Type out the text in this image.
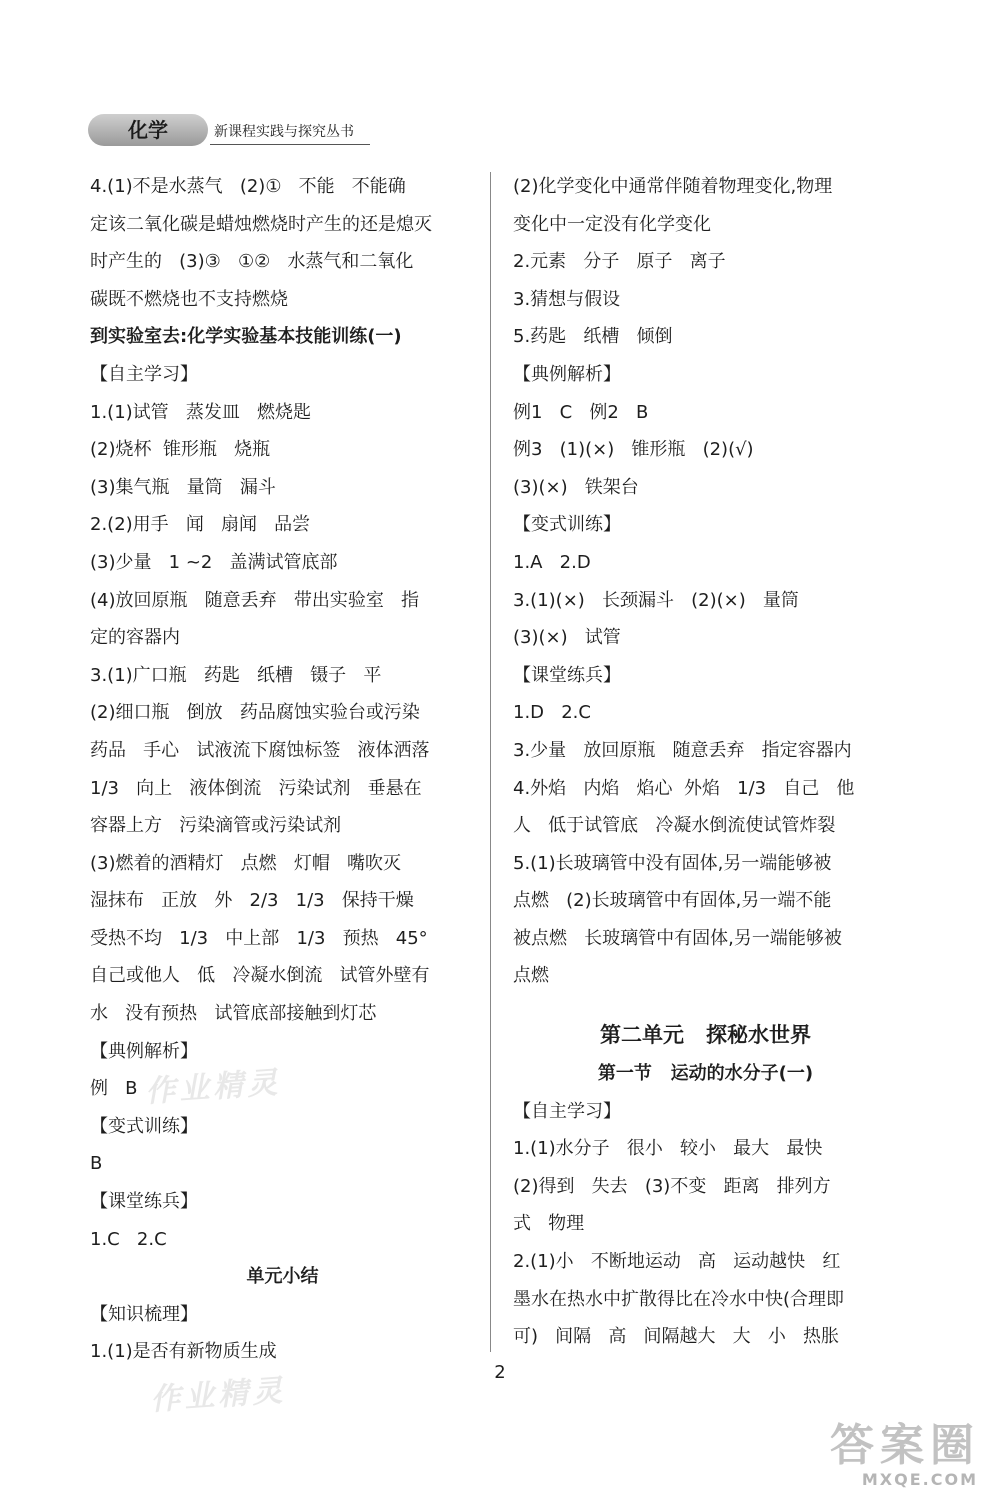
化学	新课程实践与探究丛书
4.(1)不是水蒸气   (2)①   不能   不能确
定该二氧化碳是蜡烛燃烧时产生的还是熄灭
时产生的   (3)③   ①②   水蒸气和二氧化
碳既不燃烧也不支持燃烧
到实验室去:化学实验基本技能训练(一)
【自主学习】
1.(1)试管   蒸发皿   燃烧匙
(2)烧杯  锥形瓶   烧瓶
(3)集气瓶   量筒   漏斗
2.(2)用手   闻   扇闻   品尝
(3)少量   1 ~2   盖满试管底部
(4)放回原瓶   随意丢弃   带出实验室   指
定的容器内
3.(1)广口瓶   药匙   纸槽   镊子   平
(2)细口瓶   倒放   药品腐蚀实验台或污染
药品   手心   试液流下腐蚀标签   液体洒落
1/3   向上   液体倒流   污染试剂   垂悬在
容器上方   污染滴管或污染试剂
(3)燃着的酒精灯   点燃   灯帽   嘴吹灭
湿抹布   正放   外   2/3   1/3   保持干燥
受热不均   1/3   中上部   1/3   预热   45°
自己或他人   低   冷凝水倒流   试管外壁有
水   没有预热   试管底部接触到灯芯
【典例解析】
例   B
【变式训练】
B
【课堂练兵】
1.C   2.C
单元小结
【知识梳理】
1.(1)是否有新物质生成
(2)化学变化中通常伴随着物理变化,物理
变化中一定没有化学变化
2.元素   分子   原子   离子
3.猜想与假设
5.药匙   纸槽   倾倒
【典例解析】
例1   C   例2   B
例3   (1)(×)   锥形瓶   (2)(√)
(3)(×)   铁架台
【变式训练】
1.A   2.D
3.(1)(×)   长颈漏斗   (2)(×)   量筒
(3)(×)   试管
【课堂练兵】
1.D   2.C
3.少量   放回原瓶   随意丢弃   指定容器内
4.外焰   内焰   焰心  外焰   1/3   自己   他
人   低于试管底   冷凝水倒流使试管炸裂
5.(1)长玻璃管中没有固体,另一端能够被
点燃   (2)长玻璃管中有固体,另一端不能
被点燃   长玻璃管中有固体,另一端能够被
点燃
第二单元   探秘水世界
第一节   运动的水分子(一)
【自主学习】
1.(1)水分子   很小   较小   最大   最快
(2)得到   失去   (3)不变   距离   排列方
式   物理
2.(1)小   不断地运动   高   运动越快   红
墨水在热水中扩散得比在冷水中快(合理即
可)   间隔   高   间隔越大   大   小   热胀
2
作业精灵
作业精灵
答案圈
MXQE.COM
